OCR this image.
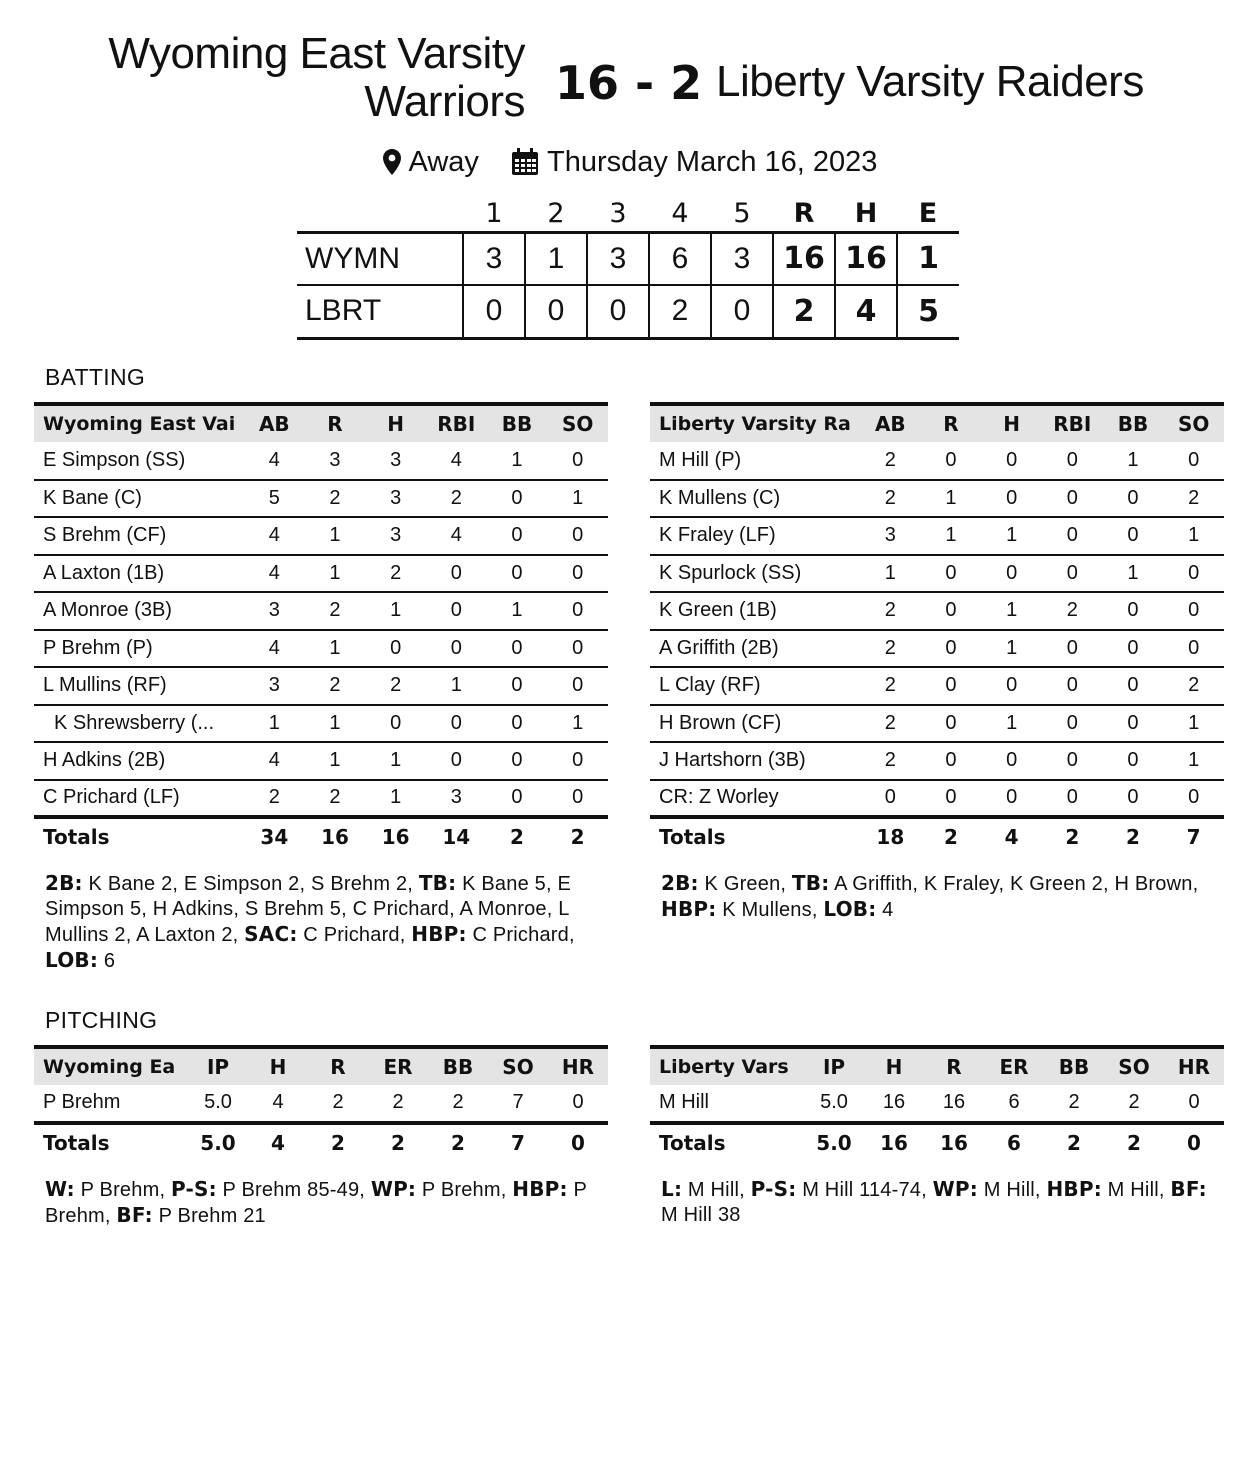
Wyoming East Varsity Warriors 16 - 2 Liberty Varsity Raiders
Away
Thursday March 16, 2023
	1	2	3	4	5	R	H	E
WYMN	3	1	3	6	3	16	16	1
LBRT	0	0	0	2	0	2	4	5
BATTING
Wyoming East Vai	AB	R	H	RBI	BB	SO
E Simpson (SS)	4	3	3	4	1	0
K Bane (C)	5	2	3	2	0	1
S Brehm (CF)	4	1	3	4	0	0
A Laxton (1B)	4	1	2	0	0	0
A Monroe (3B)	3	2	1	0	1	0
P Brehm (P)	4	1	0	0	0	0
L Mullins (RF)	3	2	2	1	0	0
K Shrewsberry (...	1	1	0	0	0	1
H Adkins (2B)	4	1	1	0	0	0
C Prichard (LF)	2	2	1	3	0	0
Totals	34	16	16	14	2	2
Liberty Varsity Ra	AB	R	H	RBI	BB	SO
M Hill (P)	2	0	0	0	1	0
K Mullens (C)	2	1	0	0	0	2
K Fraley (LF)	3	1	1	0	0	1
K Spurlock (SS)	1	0	0	0	1	0
K Green (1B)	2	0	1	2	0	0
A Griffith (2B)	2	0	1	0	0	0
L Clay (RF)	2	0	0	0	0	2
H Brown (CF)	2	0	1	0	0	1
J Hartshorn (3B)	2	0	0	0	0	1
CR: Z Worley	0	0	0	0	0	0
Totals	18	2	4	2	2	7
2B: K Bane 2, E Simpson 2, S Brehm 2, TB: K Bane 5, E Simpson 5, H Adkins, S Brehm 5, C Prichard, A Monroe, L Mullins 2, A Laxton 2, SAC: C Prichard, HBP: C Prichard, LOB: 6
2B: K Green, TB: A Griffith, K Fraley, K Green 2, H Brown, HBP: K Mullens, LOB: 4
PITCHING
Wyoming Ea	IP	H	R	ER	BB	SO	HR
P Brehm	5.0	4	2	2	2	7	0
Totals	5.0	4	2	2	2	7	0
Liberty Vars	IP	H	R	ER	BB	SO	HR
M Hill	5.0	16	16	6	2	2	0
Totals	5.0	16	16	6	2	2	0
W: P Brehm, P-S: P Brehm 85-49, WP: P Brehm, HBP: P Brehm, BF: P Brehm 21
L: M Hill, P-S: M Hill 114-74, WP: M Hill, HBP: M Hill, BF: M Hill 38
